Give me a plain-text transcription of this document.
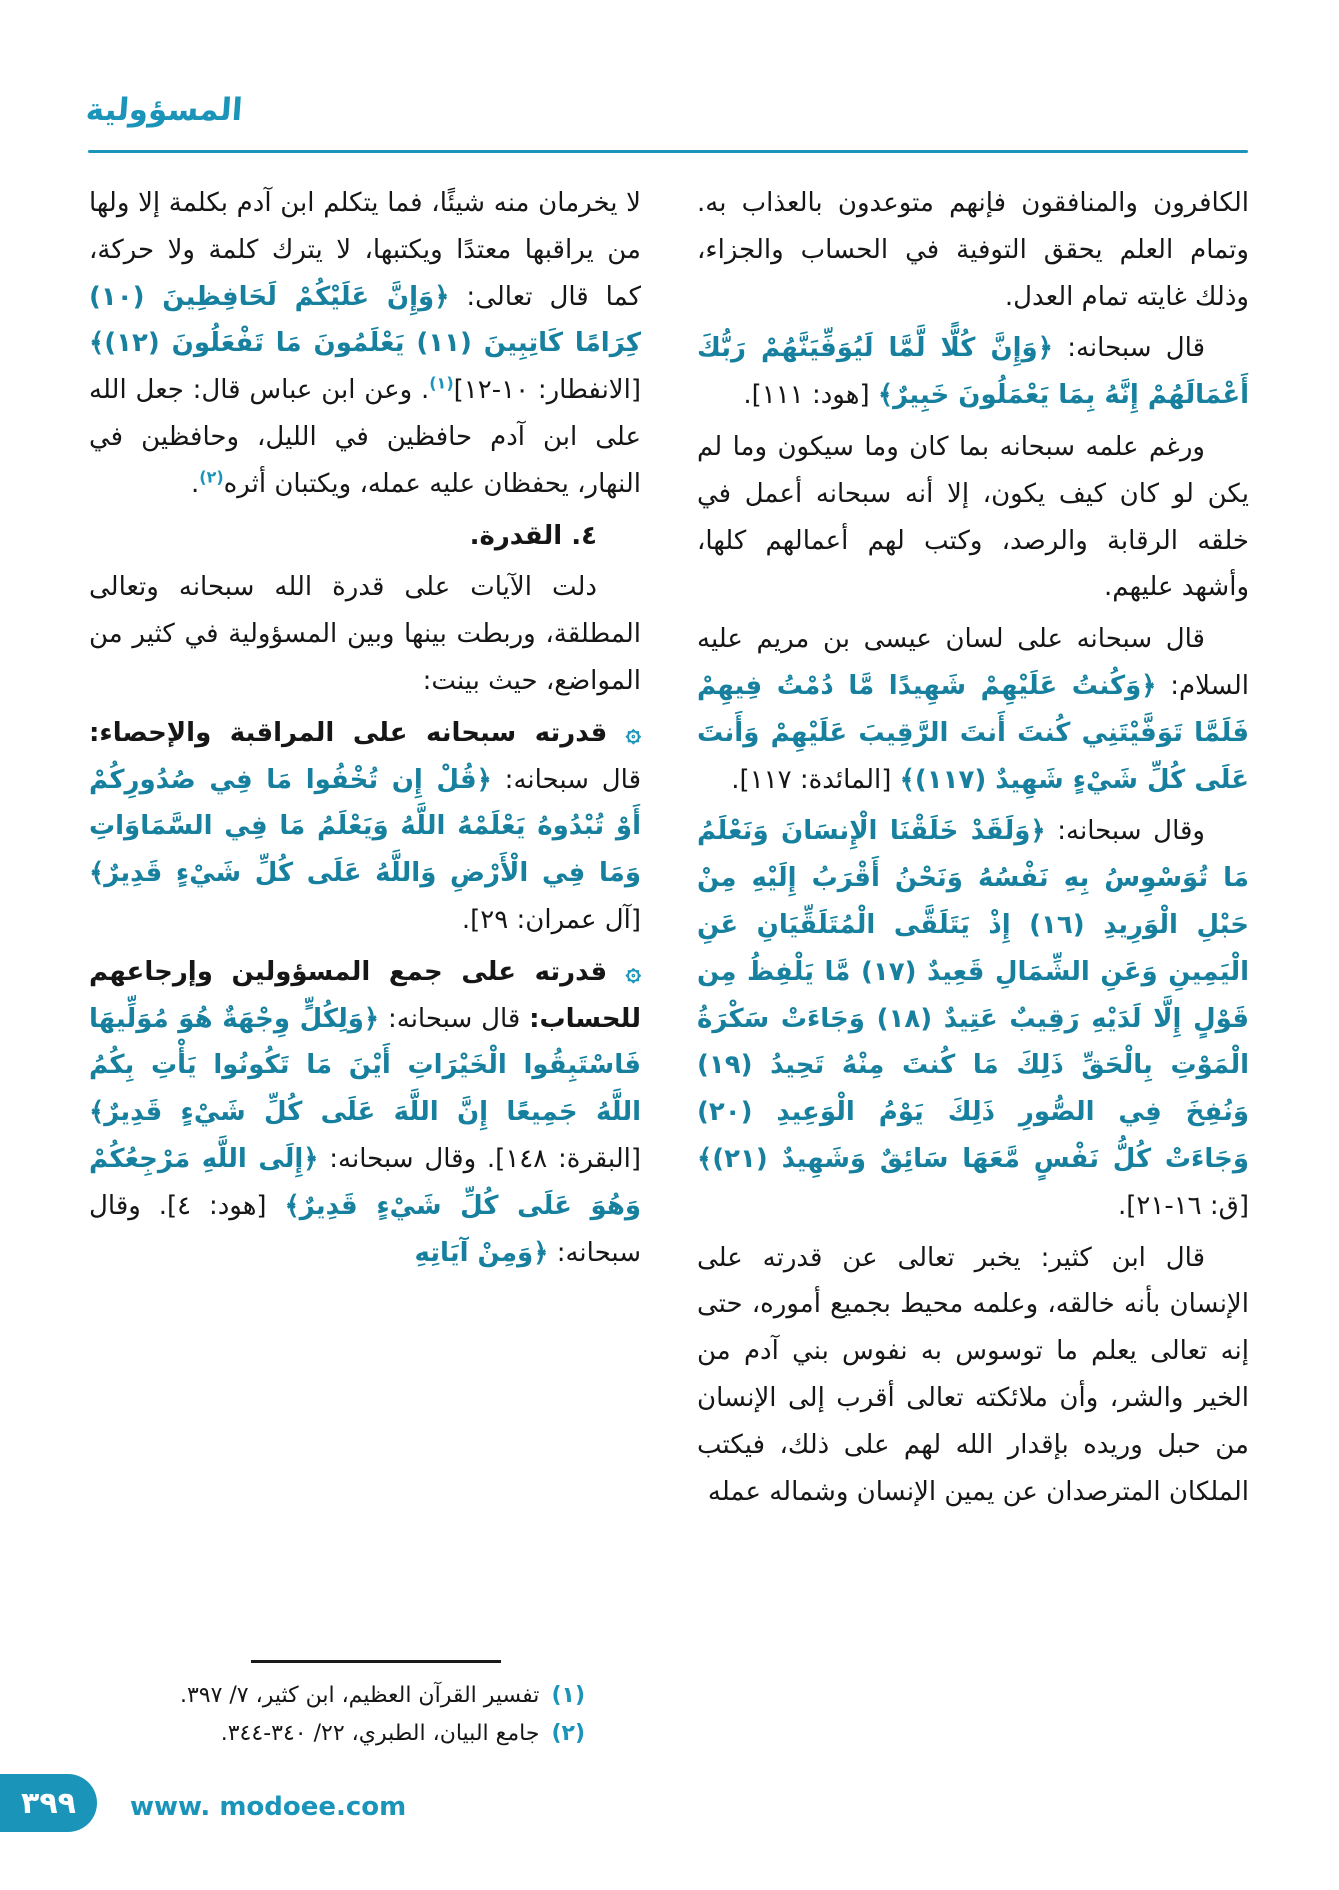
المسؤولية

الكافرون والمنافقون فإنهم متوعدون بالعذاب به. وتمام العلم يحقق التوفية في الحساب والجزاء، وذلك غايته تمام العدل.

قال سبحانه: ﴿وَإِنَّ كُلًّا لَّمَّا لَيُوَفِّيَنَّهُمْ رَبُّكَ أَعْمَالَهُمْ إِنَّهُ بِمَا يَعْمَلُونَ خَبِيرٌ﴾ [هود: ١١١].

ورغم علمه سبحانه بما كان وما سيكون وما لم يكن لو كان كيف يكون، إلا أنه سبحانه أعمل في خلقه الرقابة والرصد، وكتب لهم أعمالهم كلها، وأشهد عليهم.

قال سبحانه على لسان عيسى بن مريم عليه السلام: ﴿وَكُنتُ عَلَيْهِمْ شَهِيدًا مَّا دُمْتُ فِيهِمْ فَلَمَّا تَوَفَّيْتَنِي كُنتَ أَنتَ الرَّقِيبَ عَلَيْهِمْ وَأَنتَ عَلَى كُلِّ شَيْءٍ شَهِيدٌ (١١٧)﴾ [المائدة: ١١٧].

وقال سبحانه: ﴿وَلَقَدْ خَلَقْنَا الْإِنسَانَ وَنَعْلَمُ مَا تُوَسْوِسُ بِهِ نَفْسُهُ وَنَحْنُ أَقْرَبُ إِلَيْهِ مِنْ حَبْلِ الْوَرِيدِ (١٦) إِذْ يَتَلَقَّى الْمُتَلَقِّيَانِ عَنِ الْيَمِينِ وَعَنِ الشِّمَالِ قَعِيدٌ (١٧) مَّا يَلْفِظُ مِن قَوْلٍ إِلَّا لَدَيْهِ رَقِيبٌ عَتِيدٌ (١٨) وَجَاءَتْ سَكْرَةُ الْمَوْتِ بِالْحَقِّ ذَلِكَ مَا كُنتَ مِنْهُ تَحِيدُ (١٩) وَنُفِخَ فِي الصُّورِ ذَلِكَ يَوْمُ الْوَعِيدِ (٢٠) وَجَاءَتْ كُلُّ نَفْسٍ مَّعَهَا سَائِقٌ وَشَهِيدٌ (٢١)﴾ [ق: ١٦-٢١].

قال ابن كثير: يخبر تعالى عن قدرته على الإنسان بأنه خالقه، وعلمه محيط بجميع أموره، حتى إنه تعالى يعلم ما توسوس به نفوس بني آدم من الخير والشر، وأن ملائكته تعالى أقرب إلى الإنسان من حبل وريده بإقدار الله لهم على ذلك، فيكتب الملكان المترصدان عن يمين الإنسان وشماله عمله

لا يخرمان منه شيئًا، فما يتكلم ابن آدم بكلمة إلا ولها من يراقبها معتدًا ويكتبها، لا يترك كلمة ولا حركة، كما قال تعالى: ﴿وَإِنَّ عَلَيْكُمْ لَحَافِظِينَ (١٠) كِرَامًا كَاتِبِينَ (١١) يَعْلَمُونَ مَا تَفْعَلُونَ (١٢)﴾ [الانفطار: ١٠-١٢]$^{(١)}$. وعن ابن عباس قال: جعل الله على ابن آدم حافظين في الليل، وحافظين في النهار، يحفظان عليه عمله، ويكتبان أثره$^{(٢)}$.

٤. القدرة.

دلت الآيات على قدرة الله سبحانه وتعالى المطلقة، وربطت بينها وبين المسؤولية في كثير من المواضع، حيث بينت:

۞ قدرته سبحانه على المراقبة والإحصاء: قال سبحانه: ﴿قُلْ إِن تُخْفُوا مَا فِي صُدُورِكُمْ أَوْ تُبْدُوهُ يَعْلَمْهُ اللَّهُ وَيَعْلَمُ مَا فِي السَّمَاوَاتِ وَمَا فِي الْأَرْضِ وَاللَّهُ عَلَى كُلِّ شَيْءٍ قَدِيرٌ﴾ [آل عمران: ٢٩].

۞ قدرته على جمع المسؤولين وإرجاعهم للحساب: قال سبحانه: ﴿وَلِكُلٍّ وِجْهَةٌ هُوَ مُوَلِّيهَا فَاسْتَبِقُوا الْخَيْرَاتِ أَيْنَ مَا تَكُونُوا يَأْتِ بِكُمُ اللَّهُ جَمِيعًا إِنَّ اللَّهَ عَلَى كُلِّ شَيْءٍ قَدِيرٌ﴾ [البقرة: ١٤٨]. وقال سبحانه: ﴿إِلَى اللَّهِ مَرْجِعُكُمْ وَهُوَ عَلَى كُلِّ شَيْءٍ قَدِيرٌ﴾ [هود: ٤]. وقال سبحانه: ﴿وَمِنْ آيَاتِهِ

(١)
تفسير القرآن العظيم، ابن كثير، ٧/ ٣٩٧.
(٢)
جامع البيان، الطبري، ٢٢/ ٣٤٠-٣٤٤.
٣٩٩ www. modoee.com
